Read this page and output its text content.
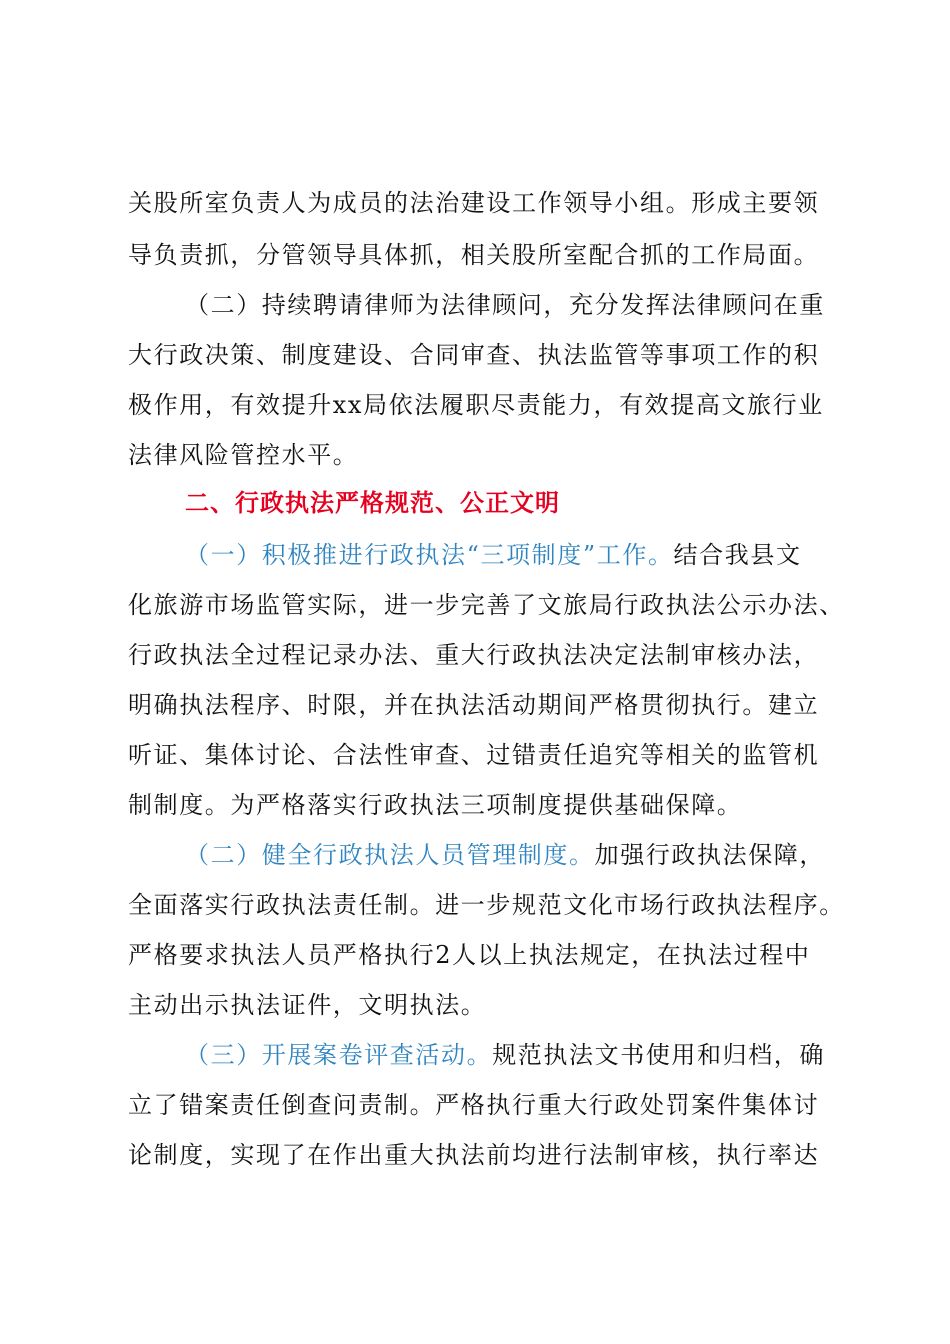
关股所室负责人为成员的法治建设工作领导小组。形成主要领
导负责抓，分管领导具体抓，相关股所室配合抓的工作局面。
（二）持续聘请律师为法律顾问，充分发挥法律顾问在重
大行政决策、制度建设、合同审查、执法监管等事项工作的积
极作用，有效提升xx局依法履职尽责能力，有效提高文旅行业
法律风险管控水平。
二、行政执法严格规范、公正文明
（一）积极推进行政执法“三项制度”工作。结合我县文
化旅游市场监管实际，进一步完善了文旅局行政执法公示办法、
行政执法全过程记录办法、重大行政执法决定法制审核办法，
明确执法程序、时限，并在执法活动期间严格贯彻执行。建立
听证、集体讨论、合法性审查、过错责任追究等相关的监管机
制制度。为严格落实行政执法三项制度提供基础保障。
（二）健全行政执法人员管理制度。加强行政执法保障，
全面落实行政执法责任制。进一步规范文化市场行政执法程序。
严格要求执法人员严格执行2人以上执法规定，在执法过程中
主动出示执法证件，文明执法。
（三）开展案卷评查活动。规范执法文书使用和归档，确
立了错案责任倒查问责制。严格执行重大行政处罚案件集体讨
论制度，实现了在作出重大执法前均进行法制审核，执行率达
